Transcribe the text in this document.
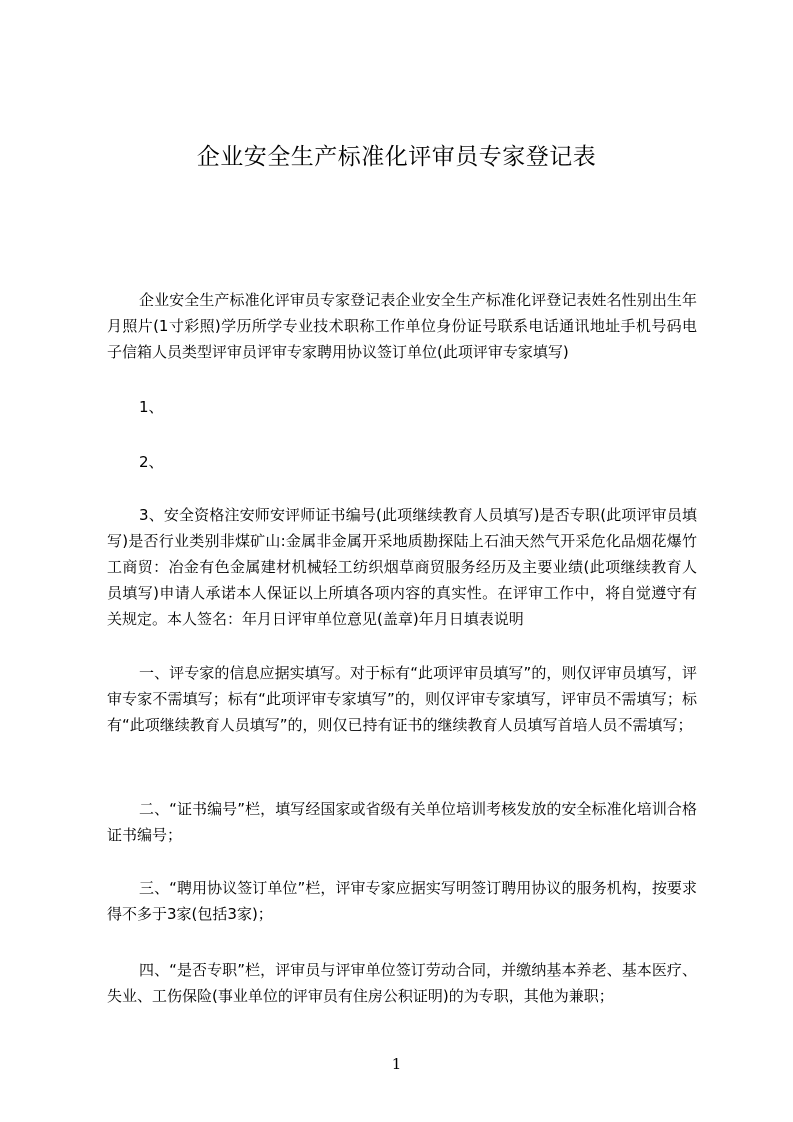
企业安全生产标准化评审员专家登记表

企业安全生产标准化评审员专家登记表企业安全生产标准化评登记表姓名性别出生年月照片(1寸彩照)学历所学专业技术职称工作单位身份证号联系电话通讯地址手机号码电子信箱人员类型评审员评审专家聘用协议签订单位(此项评审专家填写)

1、

2、

3、安全资格注安师安评师证书编号(此项继续教育人员填写)是否专职(此项评审员填写)是否行业类别非煤矿山:金属非金属开采地质勘探陆上石油天然气开采危化品烟花爆竹工商贸：冶金有色金属建材机械轻工纺织烟草商贸服务经历及主要业绩(此项继续教育人员填写)申请人承诺本人保证以上所填各项内容的真实性。在评审工作中，将自觉遵守有关规定。本人签名：年月日评审单位意见(盖章)年月日填表说明

一、评专家的信息应据实填写。对于标有“此项评审员填写”的，则仅评审员填写，评审专家不需填写；标有“此项评审专家填写”的，则仅评审专家填写，评审员不需填写；标有“此项继续教育人员填写”的，则仅已持有证书的继续教育人员填写首培人员不需填写；

二、“证书编号”栏，填写经国家或省级有关单位培训考核发放的安全标准化培训合格证书编号；

三、“聘用协议签订单位”栏，评审专家应据实写明签订聘用协议的服务机构，按要求得不多于3家(包括3家)；

四、“是否专职”栏，评审员与评审单位签订劳动合同，并缴纳基本养老、基本医疗、失业、工伤保险(事业单位的评审员有住房公积证明)的为专职，其他为兼职；

1
